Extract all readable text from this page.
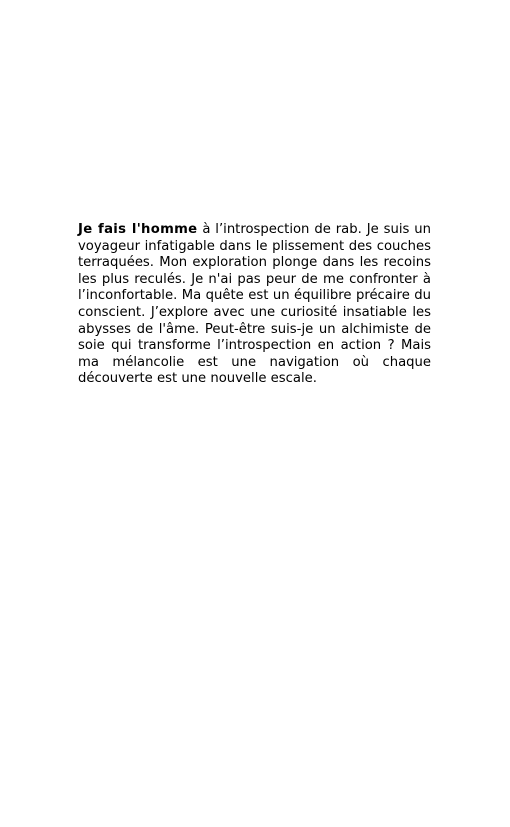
Je fais l'homme à l’introspection de rab. Je suis un voyageur infatigable dans le plissement des couches terraquées. Mon exploration plonge dans les recoins les plus reculés. Je n'ai pas peur de me confronter à l’inconfortable. Ma quête est un équilibre précaire du conscient. J’explore avec une curiosité insatiable les abysses de l'âme. Peut-être suis-je un alchimiste de soie qui transforme l’introspection en action ? Mais ma mélancolie est une navigation où chaque découverte est une nouvelle escale.
